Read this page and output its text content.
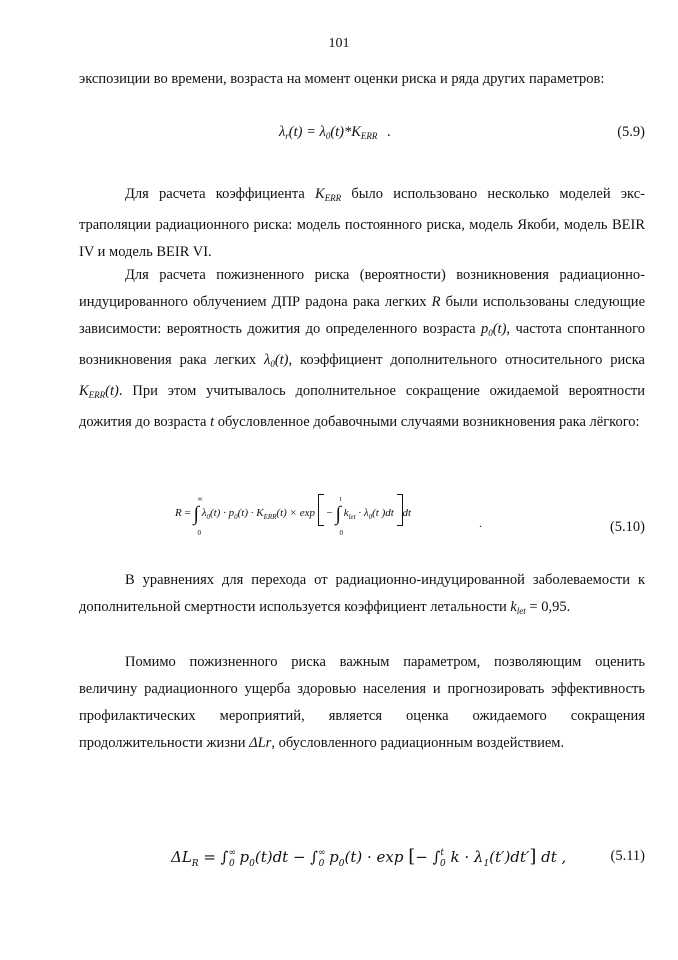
101

экспозиции во времени, возраста на момент оценки риска и ряда других параметров:

$\lambda_r(t) = \lambda_0(t)*K_{ERR}$ .	(5.9)

Для расчета коэффициента $K_{ERR}$ было использовано несколько моделей экс-траполяции радиационного риска: модель постоянного риска, модель Якоби, модель BEIR IV и модель BEIR VI.

Для расчета пожизненного риска (вероятности) возникновения радиационно-индуцированного облучением ДПР радона рака легких R были использованы следующие зависимости: вероятность дожития до определенного возраста $p_0(t)$, частота спонтанного возникновения рака легких $\lambda_0(t)$, коэффициент дополнительного относительного риска $K_{ERR}(t)$. При этом учитывалось дополнительное сокращение ожидаемой вероятности дожития до возраста t обусловленное добавочными случаями возникновения рака лёгкого:

R = ∫
∞
0
$\lambda_0(t) \cdot p_0(t) \cdot K_{ERR}(t) \times \exp$ − ∫
t
0
$k_{let} \cdot \lambda_0(t$ )dt dt
.	(5.10)

В уравнениях для перехода от радиационно-индуцированной заболеваемости к дополнительной смертности используется коэффициент летальности $k_{let} = 0,95$.

Помимо пожизненного риска важным параметром, позволяющим оценить величину радиационного ущерба здоровью населения и прогнозировать эффективность профилактических мероприятий, является оценка ожидаемого сокращения продолжительности жизни ΔLr, обусловленного радиационным воздействием.

$\Delta L_R = \int^\infty_0$ $p_0(t)dt - \int^\infty_0$ $p_0(t) \cdot \exp$ [− ∫$^t_0$ $k \cdot \lambda_1(t')dt'$] dt ,	(5.11)
